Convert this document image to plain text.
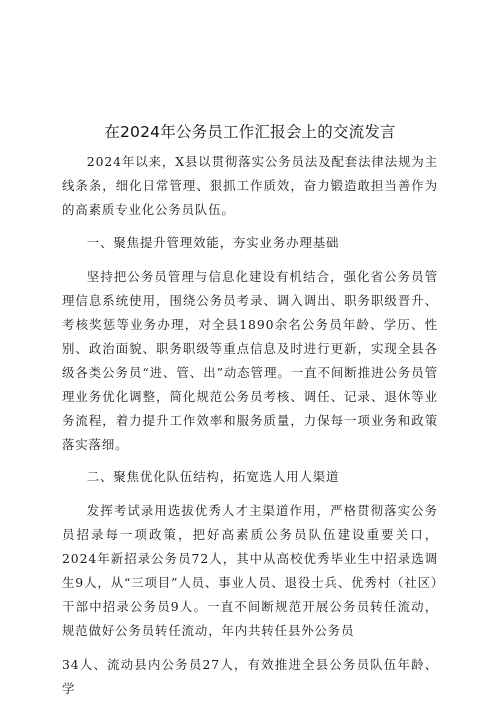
在2024年公务员工作汇报会上的交流发言

2024年以来，X县以贯彻落实公务员法及配套法律法规为主线条条，细化日常管理、狠抓工作质效，奋力锻造敢担当善作为的高素质专业化公务员队伍。

一、聚焦提升管理效能，夯实业务办理基础

坚持把公务员管理与信息化建设有机结合，强化省公务员管理信息系统使用，围绕公务员考录、调入调出、职务职级晋升、考核奖惩等业务办理，对全县1890余名公务员年龄、学历、性别、政治面貌、职务职级等重点信息及时进行更新，实现全县各级各类公务员“进、管、出”动态管理。一直不间断推进公务员管理业务优化调整，简化规范公务员考核、调任、记录、退休等业务流程，着力提升工作效率和服务质量，力保每一项业务和政策落实落细。

二、聚焦优化队伍结构，拓宽选人用人渠道

发挥考试录用选拔优秀人才主渠道作用，严格贯彻落实公务员招录每一项政策，把好高素质公务员队伍建设重要关口，2024年新招录公务员72人，其中从高校优秀毕业生中招录选调生9人，从“三项目”人员、事业人员、退役士兵、优秀村（社区）干部中招录公务员9人。一直不间断规范开展公务员转任流动，规范做好公务员转任流动，年内共转任县外公务员

34人、流动县内公务员27人，有效推进全县公务员队伍年龄、学
